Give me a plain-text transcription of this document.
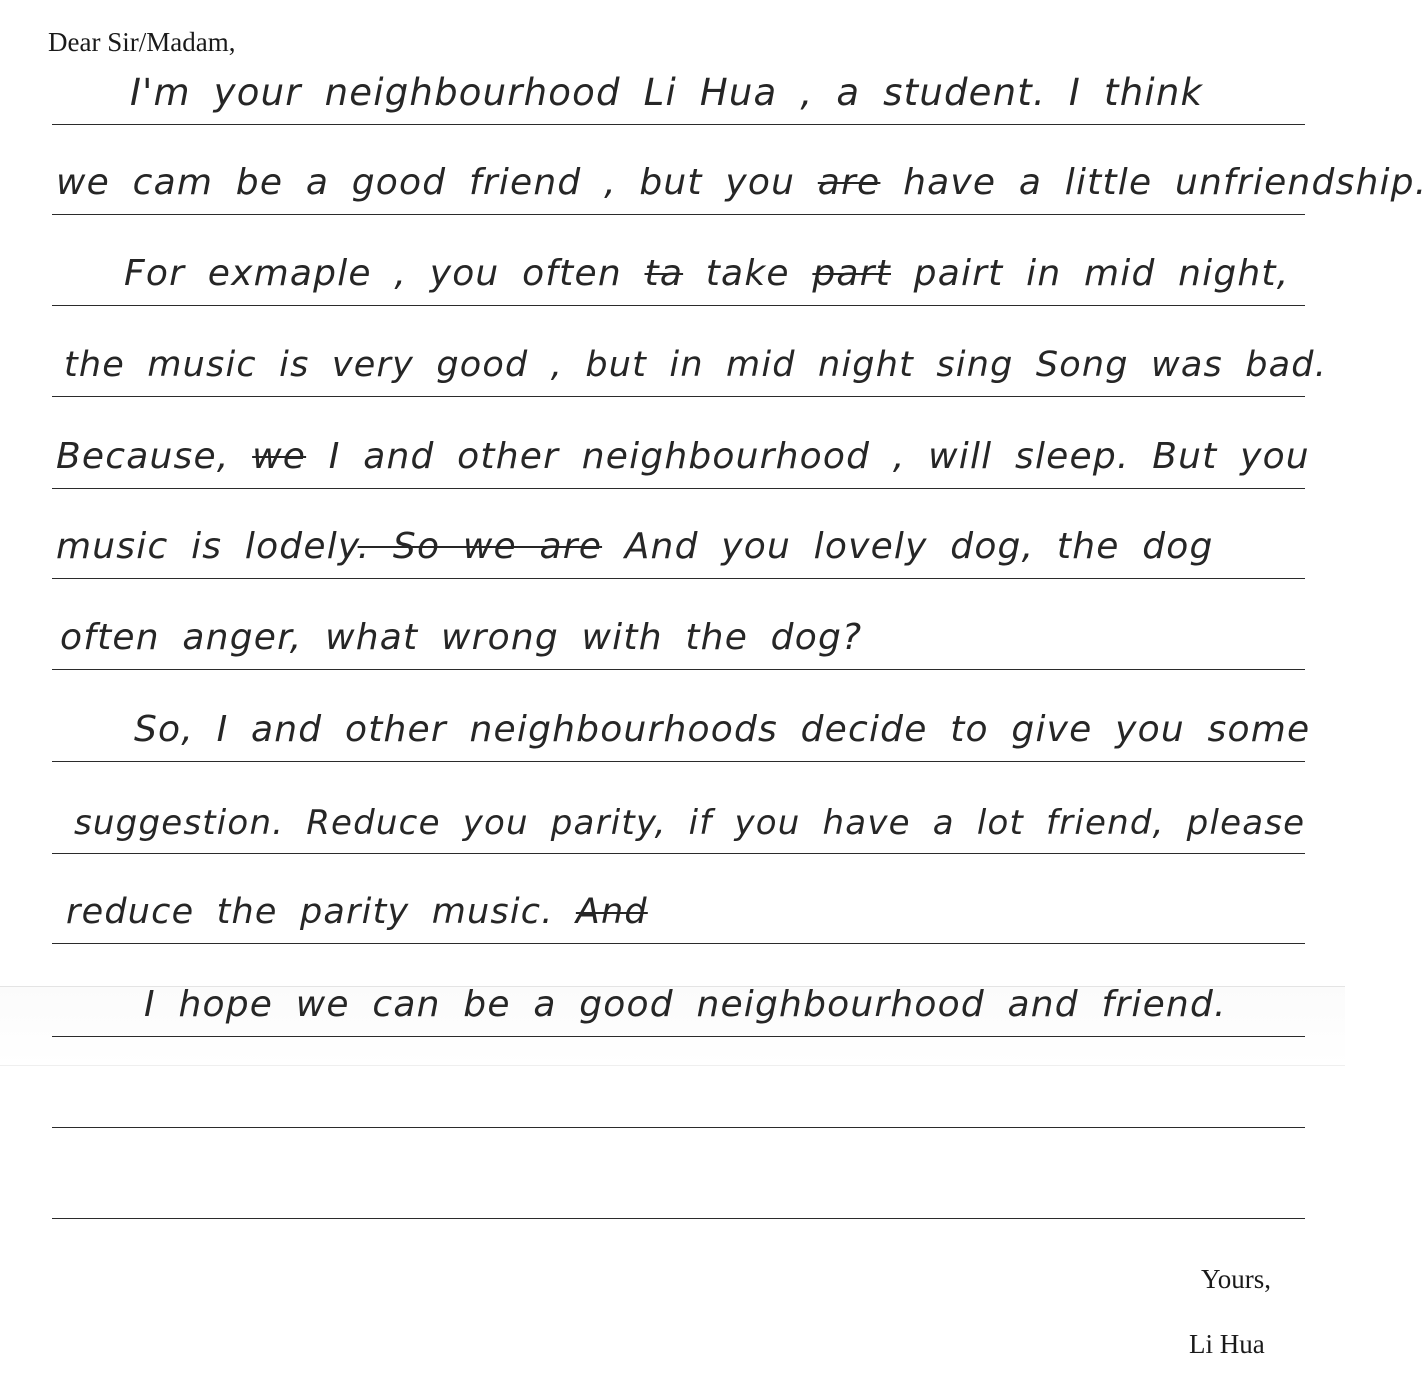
Dear Sir/Madam,

I'm your neighbourhood Li Hua , a student. I think

we cam be a good friend , but you are have a little unfriendship.

For exmaple , you often ta take part pairt in mid night,

the music is very good , but in mid night sing Song was bad.

Because, we I and other neighbourhood , will sleep. But you

music is lodely. So we are And you lovely dog, the dog

often anger, what wrong with the dog?

So, I and other neighbourhoods decide to give you some

suggestion. Reduce you parity, if you have a lot friend, please

reduce the parity music. And

I hope we can be a good neighbourhood and friend.

Yours,

Li Hua
